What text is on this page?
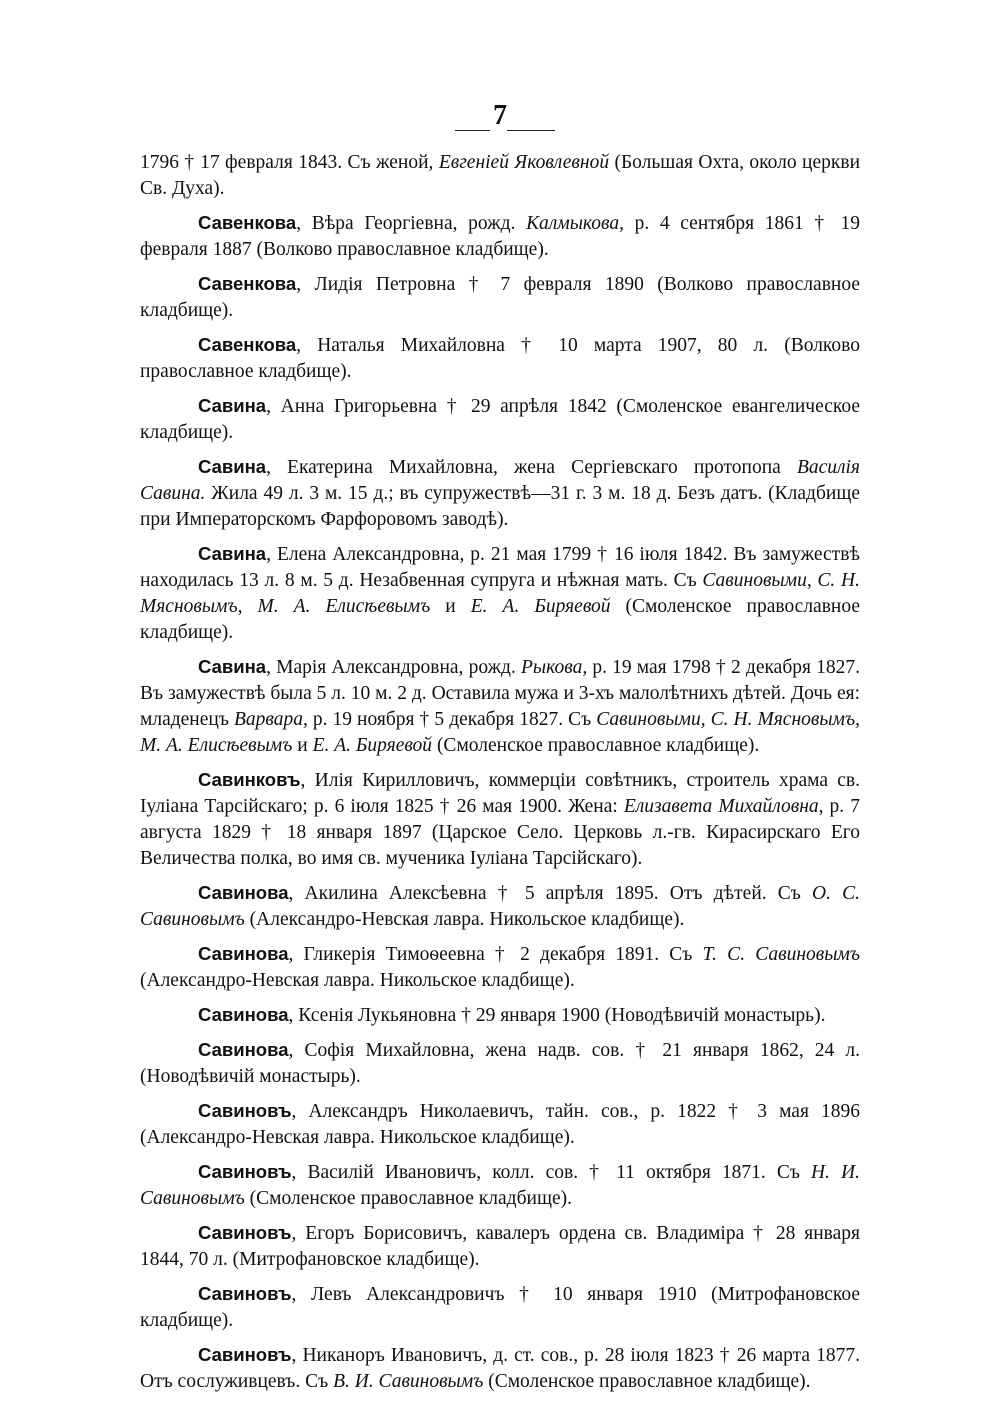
7

1796 † 17 февраля 1843. Съ женой, Евгеніей Яковлевной (Большая Охта, около церкви Св. Духа).

Савенкова, Вѣра Георгіевна, рожд. Калмыкова, р. 4 сентября 1861 † 19 февраля 1887 (Волково православное кладбище).

Савенкова, Лидія Петровна † 7 февраля 1890 (Волково православное кладбище).

Савенкова, Наталья Михайловна † 10 марта 1907, 80 л. (Волково православное кладбище).

Савина, Анна Григорьевна † 29 апрѣля 1842 (Смоленское евангелическое кладбище).

Савина, Екатерина Михайловна, жена Сергіевскаго протопопа Василія Савина. Жила 49 л. 3 м. 15 д.; въ супружествѣ—31 г. 3 м. 18 д. Безъ датъ. (Кладбище при Императорскомъ Фарфоровомъ заводѣ).

Савина, Елена Александровна, р. 21 мая 1799 † 16 іюля 1842. Въ замужествѣ находилась 13 л. 8 м. 5 д. Незабвенная супруга и нѣжная мать. Съ Савиновыми, С. Н. Мясновымъ, М. А. Елисѣевымъ и Е. А. Биряевой (Смоленское православное кладбище).

Савина, Марія Александровна, рожд. Рыкова, р. 19 мая 1798 † 2 декабря 1827. Въ замужествѣ была 5 л. 10 м. 2 д. Оставила мужа и 3-хъ малолѣтнихъ дѣтей. Дочь ея: младенецъ Варвара, р. 19 ноября † 5 декабря 1827. Съ Савиновыми, С. Н. Мясновымъ, М. А. Елисѣевымъ и Е. А. Биряевой (Смоленское православное кладбище).

Савинковъ, Илія Кирилловичъ, коммерціи совѣтникъ, строитель храма св. Іуліана Тарсійскаго; р. 6 іюля 1825 † 26 мая 1900. Жена: Елизавета Михайловна, р. 7 августа 1829 † 18 января 1897 (Царское Село. Церковь л.-гв. Кирасирскаго Его Величества полка, во имя св. мученика Іуліана Тарсійскаго).

Савинова, Акилина Алексѣевна † 5 апрѣля 1895. Отъ дѣтей. Съ О. С. Савиновымъ (Александро-Невская лавра. Никольское кладбище).

Савинова, Гликерія Тимоѳеевна † 2 декабря 1891. Съ Т. С. Савиновымъ (Александро-Невская лавра. Никольское кладбище).

Савинова, Ксенія Лукьяновна † 29 января 1900 (Новодѣвичій монастырь).

Савинова, Софія Михайловна, жена надв. сов. † 21 января 1862, 24 л. (Новодѣвичій монастырь).

Савиновъ, Александръ Николаевичъ, тайн. сов., р. 1822 † 3 мая 1896 (Александро-Невская лавра. Никольское кладбище).

Савиновъ, Василій Ивановичъ, колл. сов. † 11 октября 1871. Съ Н. И. Савиновымъ (Смоленское православное кладбище).

Савиновъ, Егоръ Борисовичъ, кавалеръ ордена св. Владиміра † 28 января 1844, 70 л. (Митрофановское кладбище).

Савиновъ, Левъ Александровичъ † 10 января 1910 (Митрофановское кладбище).

Савиновъ, Никаноръ Ивановичъ, д. ст. сов., р. 28 іюля 1823 † 26 марта 1877. Отъ сослуживцевъ. Съ В. И. Савиновымъ (Смоленское православное кладбище).
